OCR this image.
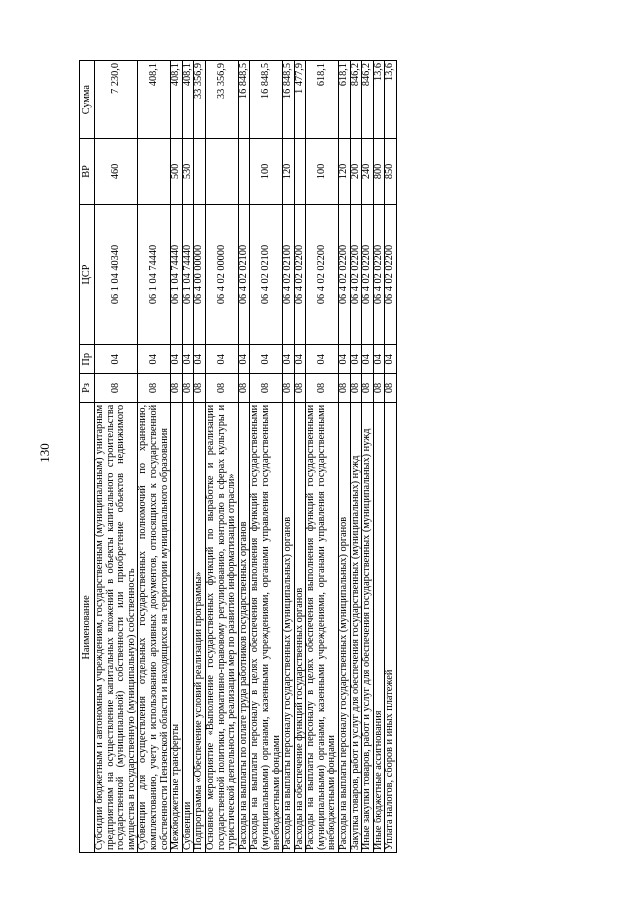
130
Наименование	Рз	Пр	ЦСР	ВР	Сумма
Субсидии бюджетным и автономным учреждениям, государственным (муниципальным) унитарным предприятиям на осуществление капитальных вложений в объекты капитального строительства государственной (муниципальной) собственности или приобретение объектов недвижимого имущества в государственную (муниципальную) собственность	08	04	06 1 04 40340	460	7 230,0
Субвенции для осуществления отдельных государственных полномочий по хранению, комплектованию, учету и использованию архивных документов, относящихся к государственной собственности Пензенской области и находящихся на территории муниципального образования	08	04	06 1 04 74440		408,1
Межбюджетные трансферты	08	04	06 1 04 74440	500	408,1
Субвенции	08	04	06 1 04 74440	530	408,1
Подпрограмма «Обеспечение условий реализации программы»	08	04	06 4 00 00000		33 356,9
Основное мероприятие «Выполнение государственных функций по выработке и реализации государственной политики, нормативно-правовому регулированию, контролю в сферах культуры и туристической деятельности, реализации мер по развитию информатизации отрасли»	08	04	06 4 02 00000		33 356,9
Расходы на выплаты по оплате труда работников государственных органов	08	04	06 4 02 02100		16 848,5
Расходы на выплаты персоналу в целях обеспечения выполнения функций государственными (муниципальными) органами, казенными учреждениями, органами управления государственными внебюджетными фондами	08	04	06 4 02 02100	100	16 848,5
Расходы на выплаты персоналу государственных (муниципальных) органов	08	04	06 4 02 02100	120	16 848,5
Расходы на обеспечение функций государственных органов	08	04	06 4 02 02200		1 477,9
Расходы на выплаты персоналу в целях обеспечения выполнения функций государственными (муниципальными) органами, казенными учреждениями, органами управления государственными внебюджетными фондами	08	04	06 4 02 02200	100	618,1
Расходы на выплаты персоналу государственных (муниципальных) органов	08	04	06 4 02 02200	120	618,1
Закупка товаров, работ и услуг для обеспечения государственных (муниципальных) нужд	08	04	06 4 02 02200	200	846,2
Иные закупки товаров, работ и услуг для обеспечения государственных (муниципальных) нужд	08	04	06 4 02 02200	240	846,2
Иные бюджетные ассигнования	08	04	06 4 02 02200	800	13,6
Уплата налогов, сборов и иных платежей	08	04	06 4 02 02200	850	13,6
